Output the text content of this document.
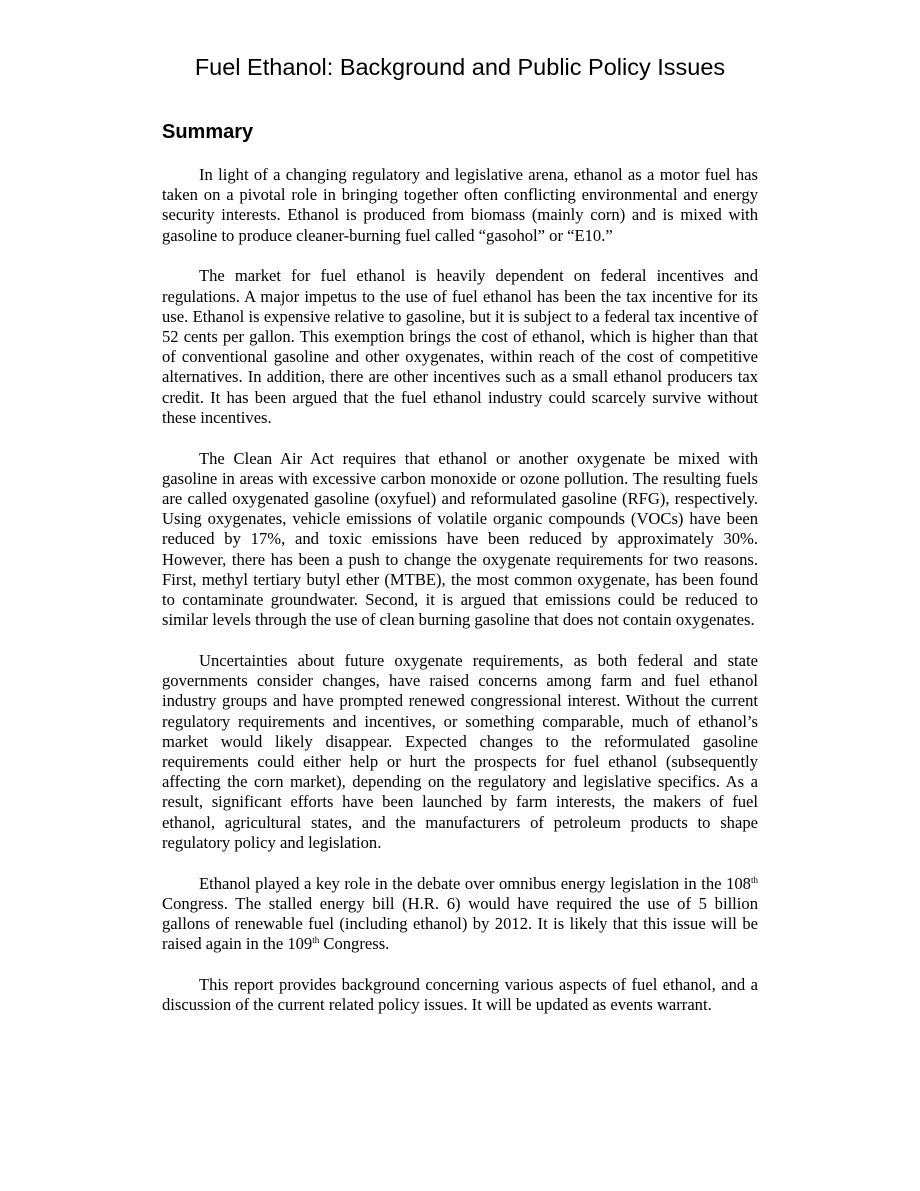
Fuel Ethanol: Background and Public Policy Issues
Summary

In light of a changing regulatory and legislative arena, ethanol as a motor fuel has taken on a pivotal role in bringing together often conflicting environmental and energy security interests. Ethanol is produced from biomass (mainly corn) and is mixed with gasoline to produce cleaner-burning fuel called “gasohol” or “E10.”

The market for fuel ethanol is heavily dependent on federal incentives and regulations. A major impetus to the use of fuel ethanol has been the tax incentive for its use. Ethanol is expensive relative to gasoline, but it is subject to a federal tax incentive of 52 cents per gallon. This exemption brings the cost of ethanol, which is higher than that of conventional gasoline and other oxygenates, within reach of the cost of competitive alternatives. In addition, there are other incentives such as a small ethanol producers tax credit. It has been argued that the fuel ethanol industry could scarcely survive without these incentives.

The Clean Air Act requires that ethanol or another oxygenate be mixed with gasoline in areas with excessive carbon monoxide or ozone pollution. The resulting fuels are called oxygenated gasoline (oxyfuel) and reformulated gasoline (RFG), respectively. Using oxygenates, vehicle emissions of volatile organic compounds (VOCs) have been reduced by 17%, and toxic emissions have been reduced by approximately 30%. However, there has been a push to change the oxygenate requirements for two reasons. First, methyl tertiary butyl ether (MTBE), the most common oxygenate, has been found to contaminate groundwater. Second, it is argued that emissions could be reduced to similar levels through the use of clean burning gasoline that does not contain oxygenates.

Uncertainties about future oxygenate requirements, as both federal and state governments consider changes, have raised concerns among farm and fuel ethanol industry groups and have prompted renewed congressional interest. Without the current regulatory requirements and incentives, or something comparable, much of ethanol’s market would likely disappear. Expected changes to the reformulated gasoline requirements could either help or hurt the prospects for fuel ethanol (subsequently affecting the corn market), depending on the regulatory and legislative specifics. As a result, significant efforts have been launched by farm interests, the makers of fuel ethanol, agricultural states, and the manufacturers of petroleum products to shape regulatory policy and legislation.

Ethanol played a key role in the debate over omnibus energy legislation in the 108th Congress. The stalled energy bill (H.R. 6) would have required the use of 5 billion gallons of renewable fuel (including ethanol) by 2012. It is likely that this issue will be raised again in the 109th Congress.

This report provides background concerning various aspects of fuel ethanol, and a discussion of the current related policy issues. It will be updated as events warrant.
